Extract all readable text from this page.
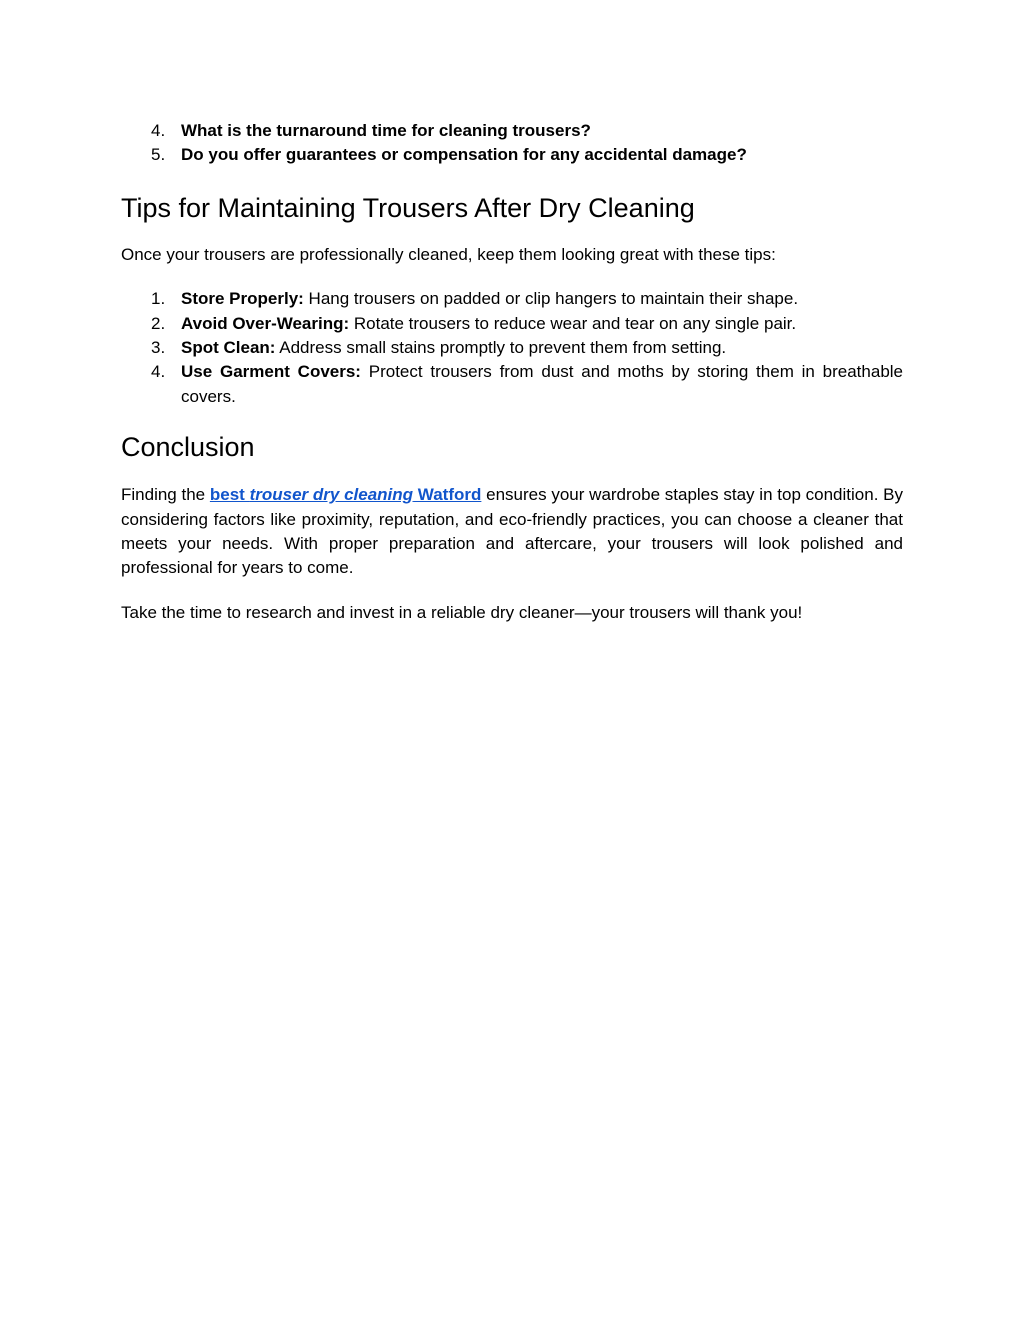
4. What is the turnaround time for cleaning trousers?
5. Do you offer guarantees or compensation for any accidental damage?
Tips for Maintaining Trousers After Dry Cleaning

Once your trousers are professionally cleaned, keep them looking great with these tips:

1. Store Properly: Hang trousers on padded or clip hangers to maintain their shape.
2. Avoid Over-Wearing: Rotate trousers to reduce wear and tear on any single pair.
3. Spot Clean: Address small stains promptly to prevent them from setting.
4. Use Garment Covers: Protect trousers from dust and moths by storing them in breathable covers.
Conclusion

Finding the best trouser dry cleaning Watford ensures your wardrobe staples stay in top condition. By considering factors like proximity, reputation, and eco-friendly practices, you can choose a cleaner that meets your needs. With proper preparation and aftercare, your trousers will look polished and professional for years to come.

Take the time to research and invest in a reliable dry cleaner—your trousers will thank you!
